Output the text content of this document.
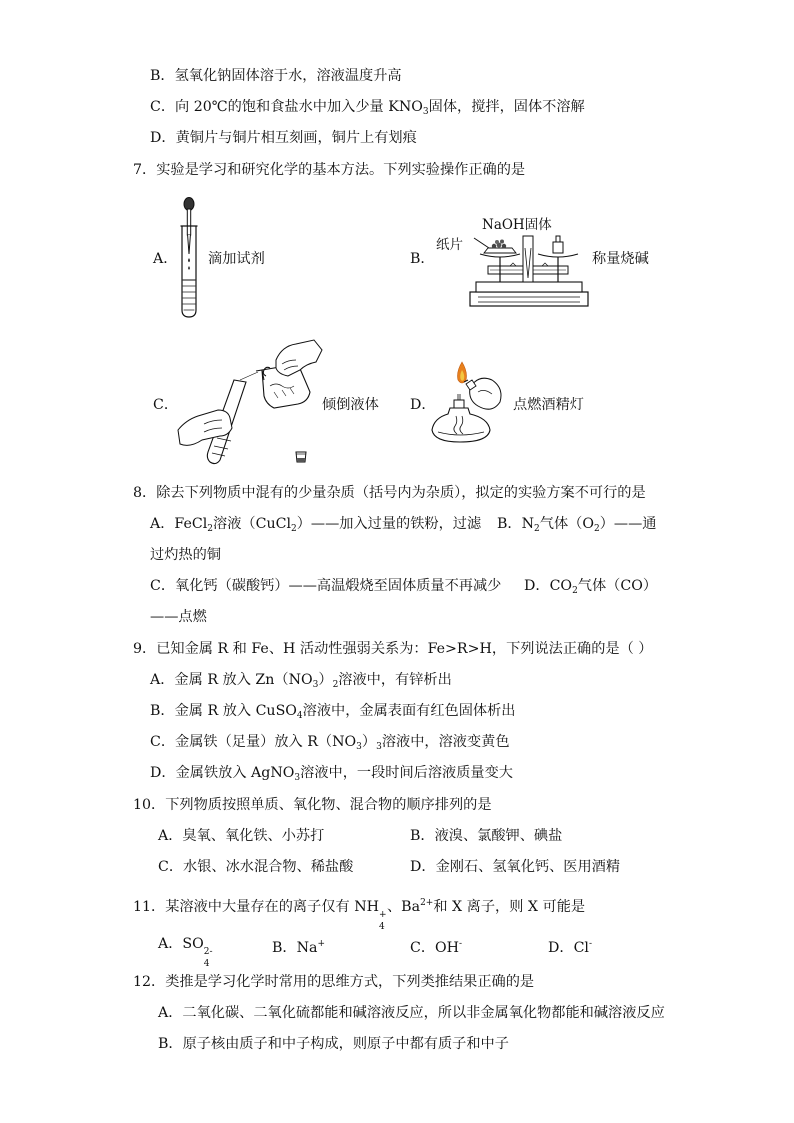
B．氢氧化钠固体溶于水，溶液温度升高
C．向 20℃的饱和食盐水中加入少量 $KNO_3$固体，搅拌，固体不溶解
D．黄铜片与铜片相互刻画，铜片上有划痕
7．实验是学习和研究化学的基本方法。下列实验操作正确的是
A． 滴加试剂	B．
NaOH固体
纸片
称量烧碱
C．	倾倒液体 D．	点燃酒精灯
8．除去下列物质中混有的少量杂质（括号内为杂质），拟定的实验方案不可行的是
A．FeCl$_2$溶液（CuCl$_2$）——加入过量的铁粉，过滤 B．$N_2$气体$(O_2)——$通
过灼热的铜
C．氧化钙（碳酸钙）——高温煅烧至固体质量不再减少 D．$CO_2$气体（CO）
——点燃
9．已知金属 R 和 Fe、H 活动性强弱关系为：Fe>R>H，下列说法正确的是（ ）
A．金属 R 放入 $Zn(NO_3)_2$溶液中，有锌析出
B．金属 R 放入 CuSO$_4$溶液中，金属表面有红色固体析出
C．金属铁（足量）放入 $R(NO_3)_3$溶液中，溶液变黄色
D．金属铁放入 AgNO$_3$溶液中，一段时间后溶液质量变大
10．下列物质按照单质、氧化物、混合物的顺序排列的是
A．臭氧、氧化铁、小苏打	B．液溴、氯酸钾、碘盐
C．水银、冰水混合物、稀盐酸	D．金刚石、氢氧化钙、医用酒精
11．某溶液中大量存在的离子仅有 NH +
4
、$Ba^{2+}$和 X 离子，则 X 可能是
A．SO 2-
4
B．Na+	C．OH-	D．Cl-
12．类推是学习化学时常用的思维方式，下列类推结果正确的是
A．二氧化碳、二氧化硫都能和碱溶液反应，所以非金属氧化物都能和碱溶液反应
B．原子核由质子和中子构成，则原子中都有质子和中子
